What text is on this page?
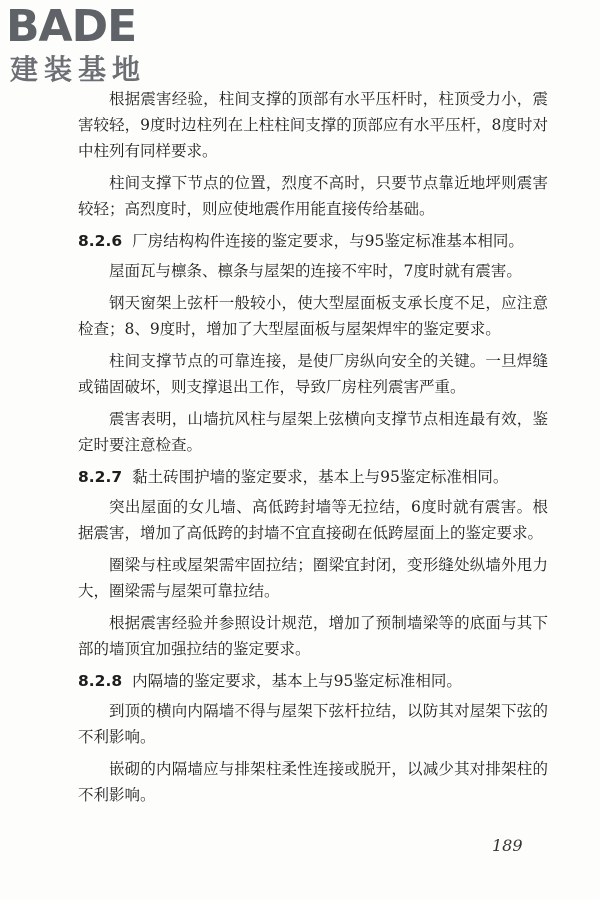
BADE
建装基地

根据震害经验，柱间支撑的顶部有水平压杆时，柱顶受力小，震害较轻，9度时边柱列在上柱柱间支撑的顶部应有水平压杆，8度时对中柱列有同样要求。

柱间支撑下节点的位置，烈度不高时，只要节点靠近地坪则震害较轻；高烈度时，则应使地震作用能直接传给基础。

8.2.6 厂房结构构件连接的鉴定要求，与95鉴定标准基本相同。

屋面瓦与檩条、檩条与屋架的连接不牢时，7度时就有震害。

钢天窗架上弦杆一般较小，使大型屋面板支承长度不足，应注意检查；8、9度时，增加了大型屋面板与屋架焊牢的鉴定要求。

柱间支撑节点的可靠连接，是使厂房纵向安全的关键。一旦焊缝或锚固破坏，则支撑退出工作，导致厂房柱列震害严重。

震害表明，山墙抗风柱与屋架上弦横向支撑节点相连最有效，鉴定时要注意检查。

8.2.7 黏土砖围护墙的鉴定要求，基本上与95鉴定标准相同。

突出屋面的女儿墙、高低跨封墙等无拉结，6度时就有震害。根据震害，增加了高低跨的封墙不宜直接砌在低跨屋面上的鉴定要求。

圈梁与柱或屋架需牢固拉结；圈梁宜封闭，变形缝处纵墙外甩力大，圈梁需与屋架可靠拉结。

根据震害经验并参照设计规范，增加了预制墙梁等的底面与其下部的墙顶宜加强拉结的鉴定要求。

8.2.8 内隔墙的鉴定要求，基本上与95鉴定标准相同。

到顶的横向内隔墙不得与屋架下弦杆拉结，以防其对屋架下弦的不利影响。

嵌砌的内隔墙应与排架柱柔性连接或脱开，以减少其对排架柱的不利影响。

189
